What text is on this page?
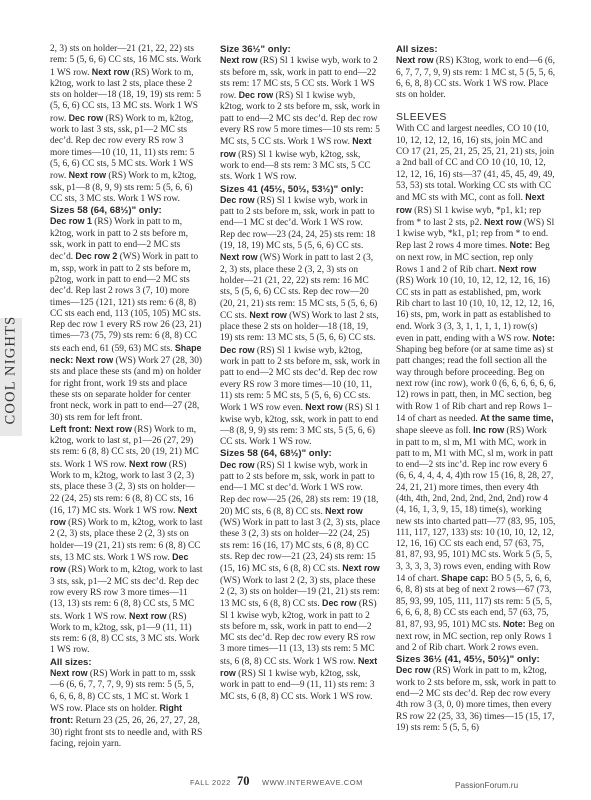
COOL NIGHTS

2, 3) sts on holder—21 (21, 22, 22) sts rem: 5 (5, 6, 6) CC sts, 16 MC sts. Work 1 WS row. Next row (RS) Work to m, k2tog, work to last 2 sts, place these 2 sts on holder—18 (18, 19, 19) sts rem: 5 (5, 6, 6) CC sts, 13 MC sts. Work 1 WS row. Dec row (RS) Work to m, k2tog, work to last 3 sts, ssk, p1—2 MC sts dec’d. Rep dec row every RS row 3 more times—10 (10, 11, 11) sts rem: 5 (5, 6, 6) CC sts, 5 MC sts. Work 1 WS row. Next row (RS) Work to m, k2tog, ssk, p1—8 (8, 9, 9) sts rem: 5 (5, 6, 6) CC sts, 3 MC sts. Work 1 WS row.

Sizes 58 (64, 68½)" only:

Dec row 1 (RS) Work in patt to m, k2tog, work in patt to 2 sts before m, ssk, work in patt to end—2 MC sts dec’d. Dec row 2 (WS) Work in patt to m, ssp, work in patt to 2 sts before m, p2tog, work in patt to end—2 MC sts dec’d. Rep last 2 rows 3 (7, 10) more times—125 (121, 121) sts rem: 6 (8, 8) CC sts each end, 113 (105, 105) MC sts. Rep dec row 1 every RS row 26 (23, 21) times—73 (75, 79) sts rem: 6 (8, 8) CC sts each end, 61 (59, 63) MC sts. Shape neck: Next row (WS) Work 27 (28, 30) sts and place these sts (and m) on holder for right front, work 19 sts and place these sts on separate holder for center front neck, work in patt to end—27 (28, 30) sts rem for left front.

Left front: Next row (RS) Work to m, k2tog, work to last st, p1—26 (27, 29) sts rem: 6 (8, 8) CC sts, 20 (19, 21) MC sts. Work 1 WS row. Next row (RS) Work to m, k2tog, work to last 3 (2, 3) sts, place these 3 (2, 3) sts on holder—22 (24, 25) sts rem: 6 (8, 8) CC sts, 16 (16, 17) MC sts. Work 1 WS row. Next row (RS) Work to m, k2tog, work to last 2 (2, 3) sts, place these 2 (2, 3) sts on holder—19 (21, 21) sts rem: 6 (8, 8) CC sts, 13 MC sts. Work 1 WS row. Dec row (RS) Work to m, k2tog, work to last 3 sts, ssk, p1—2 MC sts dec’d. Rep dec row every RS row 3 more times—11 (13, 13) sts rem: 6 (8, 8) CC sts, 5 MC sts. Work 1 WS row. Next row (RS) Work to m, k2tog, ssk, p1—9 (11, 11) sts rem: 6 (8, 8) CC sts, 3 MC sts. Work 1 WS row.

All sizes:

Next row (RS) Work in patt to m, sssk—6 (6, 6, 7, 7, 7, 9, 9) sts rem: 5 (5, 5, 6, 6, 6, 8, 8) CC sts, 1 MC st. Work 1 WS row. Place sts on holder. Right front: Return 23 (25, 26, 26, 27, 27, 28, 30) right front sts to needle and, with RS facing, rejoin yarn.

Size 36½" only:

Next row (RS) Sl 1 kwise wyb, work to 2 sts before m, ssk, work in patt to end—22 sts rem: 17 MC sts, 5 CC sts. Work 1 WS row. Dec row (RS) Sl 1 kwise wyb, k2tog, work to 2 sts before m, ssk, work in patt to end—2 MC sts dec’d. Rep dec row every RS row 5 more times—10 sts rem: 5 MC sts, 5 CC sts. Work 1 WS row. Next row (RS) Sl 1 kwise wyb, k2tog, ssk, work to end—8 sts rem: 3 MC sts, 5 CC sts. Work 1 WS row.

Sizes 41 (45½, 50½, 53½)" only:

Dec row (RS) Sl 1 kwise wyb, work in patt to 2 sts before m, ssk, work in patt to end—1 MC st dec’d. Work 1 WS row. Rep dec row—23 (24, 24, 25) sts rem: 18 (19, 18, 19) MC sts, 5 (5, 6, 6) CC sts. Next row (WS) Work in patt to last 2 (3, 2, 3) sts, place these 2 (3, 2, 3) sts on holder—21 (21, 22, 22) sts rem: 16 MC sts, 5 (5, 6, 6) CC sts. Rep dec row—20 (20, 21, 21) sts rem: 15 MC sts, 5 (5, 6, 6) CC sts. Next row (WS) Work to last 2 sts, place these 2 sts on holder—18 (18, 19, 19) sts rem: 13 MC sts, 5 (5, 6, 6) CC sts. Dec row (RS) Sl 1 kwise wyb, k2tog, work in patt to 2 sts before m, ssk, work in patt to end—2 MC sts dec’d. Rep dec row every RS row 3 more times—10 (10, 11, 11) sts rem: 5 MC sts, 5 (5, 6, 6) CC sts. Work 1 WS row even. Next row (RS) Sl 1 kwise wyb, k2tog, ssk, work in patt to end—8 (8, 9, 9) sts rem: 3 MC sts, 5 (5, 6, 6) CC sts. Work 1 WS row.

Sizes 58 (64, 68½)" only:

Dec row (RS) Sl 1 kwise wyb, work in patt to 2 sts before m, ssk, work in patt to end—1 MC st dec’d. Work 1 WS row. Rep dec row—25 (26, 28) sts rem: 19 (18, 20) MC sts, 6 (8, 8) CC sts. Next row (WS) Work in patt to last 3 (2, 3) sts, place these 3 (2, 3) sts on holder—22 (24, 25) sts rem: 16 (16, 17) MC sts, 6 (8, 8) CC sts. Rep dec row—21 (23, 24) sts rem: 15 (15, 16) MC sts, 6 (8, 8) CC sts. Next row (WS) Work to last 2 (2, 3) sts, place these 2 (2, 3) sts on holder—19 (21, 21) sts rem: 13 MC sts, 6 (8, 8) CC sts. Dec row (RS) Sl 1 kwise wyb, k2tog, work in patt to 2 sts before m, ssk, work in patt to end—2 MC sts dec’d. Rep dec row every RS row 3 more times—11 (13, 13) sts rem: 5 MC sts, 6 (8, 8) CC sts. Work 1 WS row. Next row (RS) Sl 1 kwise wyb, k2tog, ssk, work in patt to end—9 (11, 11) sts rem: 3 MC sts, 6 (8, 8) CC sts. Work 1 WS row.

All sizes:

Next row (RS) K3tog, work to end—6 (6, 6, 7, 7, 7, 9, 9) sts rem: 1 MC st, 5 (5, 5, 6, 6, 6, 8, 8) CC sts. Work 1 WS row. Place sts on holder.

SLEEVES

With CC and largest needles, CO 10 (10, 10, 12, 12, 12, 16, 16) sts, join MC and CO 17 (21, 25, 21, 25, 25, 21, 21) sts, join a 2nd ball of CC and CO 10 (10, 10, 12, 12, 12, 16, 16) sts—37 (41, 45, 45, 49, 49, 53, 53) sts total. Working CC sts with CC and MC sts with MC, cont as foll. Next row (RS) Sl 1 kwise wyb, *p1, k1; rep from * to last 2 sts, p2. Next row (WS) Sl 1 kwise wyb, *k1, p1; rep from * to end. Rep last 2 rows 4 more times. Note: Beg on next row, in MC section, rep only Rows 1 and 2 of Rib chart. Next row (RS) Work 10 (10, 10, 12, 12, 12, 16, 16) CC sts in patt as established, pm, work Rib chart to last 10 (10, 10, 12, 12, 12, 16, 16) sts, pm, work in patt as established to end. Work 3 (3, 3, 1, 1, 1, 1, 1) row(s) even in patt, ending with a WS row. Note: Shaping beg before (or at same time as) st patt changes; read the foll section all the way through before proceeding. Beg on next row (inc row), work 0 (6, 6, 6, 6, 6, 6, 12) rows in patt, then, in MC section, beg with Row 1 of Rib chart and rep Rows 1–14 of chart as needed. At the same time, shape sleeve as foll. Inc row (RS) Work in patt to m, sl m, M1 with MC, work in patt to m, M1 with MC, sl m, work in patt to end—2 sts inc’d. Rep inc row every 6 (6, 6, 4, 4, 4, 4, 4)th row 15 (16, 8, 28, 27, 24, 21, 21) more times, then every 4th (4th, 4th, 2nd, 2nd, 2nd, 2nd, 2nd) row 4 (4, 16, 1, 3, 9, 15, 18) time(s), working new sts into charted patt—77 (83, 95, 105, 111, 117, 127, 133) sts: 10 (10, 10, 12, 12, 12, 16, 16) CC sts each end, 57 (63, 75, 81, 87, 93, 95, 101) MC sts. Work 5 (5, 5, 3, 3, 3, 3, 3) rows even, ending with Row 14 of chart. Shape cap: BO 5 (5, 5, 6, 6, 6, 8, 8) sts at beg of next 2 rows—67 (73, 85, 93, 99, 105, 111, 117) sts rem: 5 (5, 5, 6, 6, 6, 8, 8) CC sts each end, 57 (63, 75, 81, 87, 93, 95, 101) MC sts. Note: Beg on next row, in MC section, rep only Rows 1 and 2 of Rib chart. Work 2 rows even.

Sizes 36½ (41, 45½, 50½)" only:

Dec row (RS) Work in patt to m, k2tog, work to 2 sts before m, ssk, work in patt to end—2 MC sts dec’d. Rep dec row every 4th row 3 (3, 0, 0) more times, then every RS row 22 (25, 33, 36) times—15 (15, 17, 19) sts rem: 5 (5, 5, 6)

FALL 2022 70 WWW.INTERWEAVE.COM	PassionForum.ru
